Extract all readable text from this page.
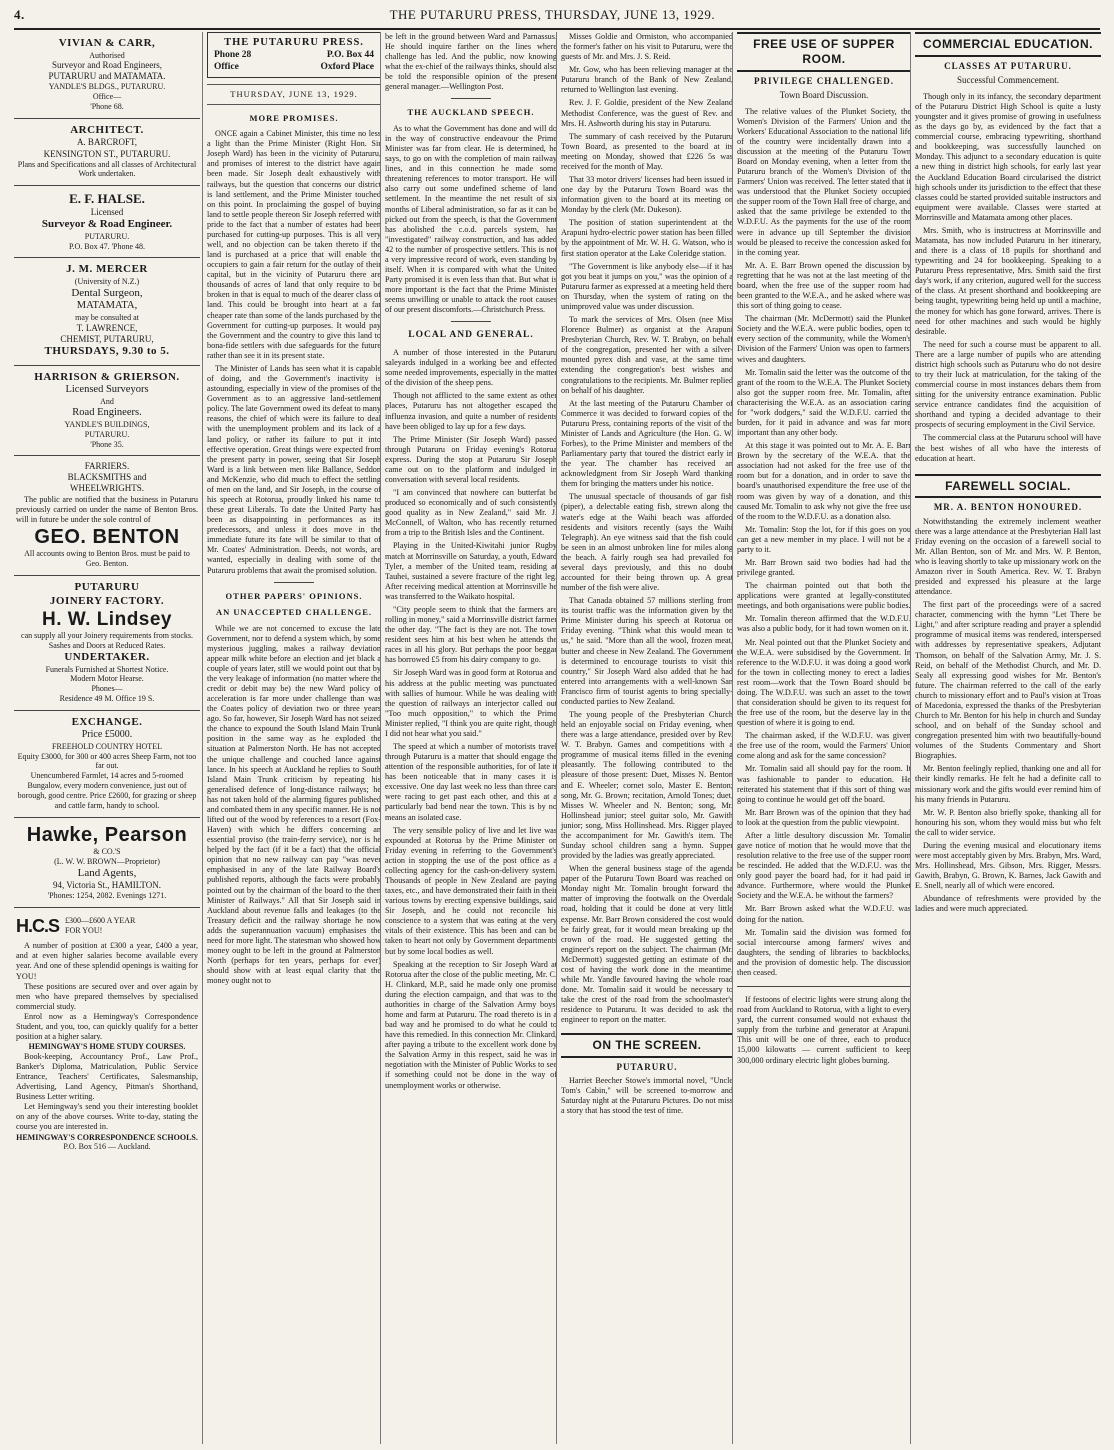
4.	THE PUTARURU PRESS, THURSDAY, JUNE 13, 1929.
VIVIAN & CARR,
Authorised
Surveyor and Road Engineers,
PUTARURU and MATAMATA.
YANDLE'S BLDGS., PUTARURU.
Office—
'Phone 68.
ARCHITECT.
A. BARCROFT,
KENSINGTON ST., PUTARURU.
Plans and Specifications and all classes of Architectural Work undertaken.
E. F. HALSE.
Licensed
Surveyor & Road Engineer.
PUTARURU.
P.O. Box 47. 'Phone 48.
J. M. MERCER
(University of N.Z.)
Dental Surgeon,
MATAMATA,
may be consulted at
T. LAWRENCE,
CHEMIST, PUTARURU,
THURSDAYS, 9.30 to 5.
HARRISON & GRIERSON.
Licensed Surveyors
And
Road Engineers.
YANDLE'S BUILDINGS,
PUTARURU.
'Phone 35.
FARRIERS.
BLACKSMITHS and
WHEELWRIGHTS.
The public are notified that the business in Putaruru previously carried on under the name of Benton Bros. will in future be under the sole control of
GEO. BENTON
All accounts owing to Benton Bros. must be paid to Geo. Benton.
PUTARURU
JOINERY FACTORY.
H. W. Lindsey
can supply all your Joinery requirements from stocks. Sashes and Doors at Reduced Rates.
UNDERTAKER.
Funerals Furnished at Shortest Notice.
Modern Motor Hearse.
Phones—
Residence 49 M. Office 19 S.
EXCHANGE.
Price £5000.
FREEHOLD COUNTRY HOTEL
Equity £3000, for 300 or 400 acres Sheep Farm, not too far out.
Unencumbered Farmlet, 14 acres and 5-roomed Bungalow, every modern convenience, just out of borough, good centre. Price £2600, for grazing or sheep and cattle farm, handy to school.
Hawke, Pearson
& CO.'S
(L. W. W. BROWN—Proprietor)
Land Agents,
94, Victoria St., HAMILTON.
'Phones: 1254, 2082. Evenings 1271.
H.C.S £300—£600 A YEAR
FOR YOU!
A number of position at £300 a year, £400 a year, and at even higher salaries become available every year. And one of these splendid openings is waiting for YOU!
These positions are secured over and over again by men who have prepared themselves by specialised commercial study.
Enrol now as a Hemingway's Correspondence Student, and you, too, can quickly qualify for a better position at a higher salary.
HEMINGWAY'S HOME STUDY COURSES.
Book-keeping, Accountancy Prof., Law Prof., Banker's Diploma, Matriculation, Public Service Entrance, Teachers' Certificates, Salesmanship, Advertising, Land Agency, Pitman's Shorthand, Business Letter writing.
Let Hemingway's send you their interesting booklet on any of the above courses. Write to-day, stating the course you are interested in.
HEMINGWAY'S CORRESPONDENCE SCHOOLS.
P.O. Box 516 — Auckland.
THE PUTARURU PRESS.
Phone 28	P.O. Box 44
Office	Oxford Place
THURSDAY, JUNE 13, 1929.
MORE PROMISES.

ONCE again a Cabinet Minister, this time no less a light than the Prime Minister (Right Hon. Sir Joseph Ward) has been in the vicinity of Putaruru, and promises of interest to the district have again been made. Sir Joseph dealt exhaustively with railways, but the question that concerns our district is land settlement, and the Prime Minister touched on this point. In proclaiming the gospel of buying land to settle people thereon Sir Joseph referred with pride to the fact that a number of estates had been purchased for cutting-up purposes. This is all very well, and no objection can be taken thereto if the land is purchased at a price that will enable the occupiers to gain a fair return for the outlay of their capital, but in the vicinity of Putaruru there are thousands of acres of land that only require to be broken in that is equal to much of the dearer class of land. This could be brought into heart at a far cheaper rate than some of the lands purchased by the Government for cutting-up purposes. It would pay the Government and the country to give this land to bona-fide settlers with due safeguards for the future rather than see it in its present state.

The Minister of Lands has seen what it is capable of doing, and the Government's inactivity is astounding, especially in view of the promises of the Government as to an aggressive land-settlement policy. The late Government owed its defeat to many reasons, the chief of which were its failure to deal with the unemployment problem and its lack of a land policy, or rather its failure to put it into effective operation. Great things were expected from the present party in power, seeing that Sir Joseph Ward is a link between men like Ballance, Seddon and McKenzie, who did much to effect the settling of men on the land, and Sir Joseph, in the course of his speech at Rotorua, proudly linked his name to these great Liberals. To date the United Party has been as disappointing in performances as its predecessors, and unless it does move in the immediate future its fate will be similar to that of Mr. Coates' Administration. Deeds, not words, are wanted, especially in dealing with some of the Putaruru problems that await the promised solution.

OTHER PAPERS' OPINIONS.
AN UNACCEPTED CHALLENGE.

While we are not concerned to excuse the late Government, nor to defend a system which, by some mysterious juggling, makes a railway deviation appear milk white before an election and jet black a couple of years later, still we would point out that by the very leakage of information (no matter where the credit or debit may be) the new Ward policy of acceleration is far more under challenge than was the Coates policy of deviation two or three years ago. So far, however, Sir Joseph Ward has not seized the chance to expound the South Island Main Trunk position in the same way as he exploded the situation at Palmerston North. He has not accepted the unique challenge and couched lance against lance. In his speech at Auckland he replies to South Island Main Trunk criticism by repeating his generalised defence of long-distance railways; he has not taken hold of the alarming figures published and combated them in any specific manner. He is not lifted out of the wood by references to a resort (Fox-Haven) with which he differs concerning an essential proviso (the train-ferry service), nor is he helped by the fact (if it be a fact) that the official opinion that no new railway can pay "was never emphasised in any of the late Railway Board's published reports, although the facts were probably pointed out by the chairman of the board to the then Minister of Railways." All that Sir Joseph said in Auckland about revenue falls and leakages (to the Treasury deficit and the railway shortage he now adds the superannuation vacuum) emphasises the need for more light. The statesman who showed how money ought to be left in the ground at Palmerston North (perhaps for ten years, perhaps for ever) should show with at least equal clarity that the money ought not to

be left in the ground between Ward and Parnassus. He should inquire farther on the lines where challenge has led. And the public, now knowing what the ex-chief of the railways thinks, should also be told the responsible opinion of the present general manager.—Wellington Post.

THE AUCKLAND SPEECH.

As to what the Government has done and will do in the way of constructive endeavour the Prime Minister was far from clear. He is determined, he says, to go on with the completion of main railway lines, and in this connection he made some threatening references to motor transport. He will also carry out some undefined scheme of land settlement. In the meantime the net result of six months of Liberal administration, so far as it can be picked out from the speech, is that the Government has abolished the c.o.d. parcels system, has "investigated" railway construction, and has added 42 to the number of prospective settlers. This is not a very impressive record of work, even standing by itself. When it is compared with what the United Party promised it is even less than that. But what is more important is the fact that the Prime Minister seems unwilling or unable to attack the root causes of our present discomforts.—Christchurch Press.

LOCAL AND GENERAL.

A number of those interested in the Putaruru saleyards indulged in a working bee and effected some needed improvements, especially in the matter of the division of the sheep pens.

Though not afflicted to the same extent as other places, Putaruru has not altogether escaped the influenza invasion, and quite a number of residents have been obliged to lay up for a few days.

The Prime Minister (Sir Joseph Ward) passed through Putaruru on Friday evening's Rotorua express. During the stop at Putaruru Sir Joseph came out on to the platform and indulged in conversation with several local residents.

"I am convinced that nowhere can butterfat be produced so economically and of such consistently good quality as in New Zealand," said Mr. J. McConnell, of Walton, who has recently returned from a trip to the British Isles and the Continent.

Playing in the United-Kiwitahi junior Rugby match at Morrinsville on Saturday, a youth, Edward Tyler, a member of the United team, residing at Tauhei, sustained a severe fracture of the right leg. After receiving medical attention at Morrinsville he was transferred to the Waikato hospital.

"City people seem to think that the farmers are rolling in money," said a Morrinsville district farmer the other day. "The fact is they are not. The town resident sees him at his best when he attends the races in all his glory. But perhaps the poor beggar has borrowed £5 from his dairy company to go.

Sir Joseph Ward was in good form at Rotorua and his address at the public meeting was punctuated with sallies of humour. While he was dealing with the question of railways an interjector called out "Too much opposition," to which the Prime Minister replied, "I think you are quite right, though I did not hear what you said."

The speed at which a number of motorists travel through Putaruru is a matter that should engage the attention of the responsible authorities, for of late it has been noticeable that in many cases it is excessive. One day last week no less than three cars were racing to get past each other, and this at a particularly bad bend near the town. This is by no means an isolated case.

The very sensible policy of live and let live was expounded at Rotorua by the Prime Minister on Friday evening in referring to the Government's action in stopping the use of the post office as a collecting agency for the cash-on-delivery system. Thousands of people in New Zealand are paying taxes, etc., and have demonstrated their faith in their various towns by erecting expensive buildings, said Sir Joseph, and he could not reconcile his conscience to a system that was eating at the very vitals of their existence. This has been and can be taken to heart not only by Government departments but by some local bodies as well.

Speaking at the reception to Sir Joseph Ward at Rotorua after the close of the public meeting, Mr. C. H. Clinkard, M.P., said he made only one promise during the election campaign, and that was to the authorities in charge of the Salvation Army boys' home and farm at Putaruru. The road thereto is in a bad way and he promised to do what he could to have this remedied. In this connection Mr. Clinkard, after paying a tribute to the excellent work done by the Salvation Army in this respect, said he was in negotiation with the Minister of Public Works to see if something could not be done in the way of unemployment works or otherwise.

Misses Goldie and Ormiston, who accompanied the former's father on his visit to Putaruru, were the guests of Mr. and Mrs. J. S. Reid.

Mr. Gow, who has been relieving manager at the Putaruru branch of the Bank of New Zealand, returned to Wellington last evening.

Rev. J. F. Goldie, president of the New Zealand Methodist Conference, was the guest of Rev. and Mrs. H. Ashworth during his stay in Putaruru.

The summary of cash received by the Putaruru Town Board, as presented to the board at its meeting on Monday, showed that £226 5s was received for the month of May.

That 33 motor drivers' licenses had been issued in one day by the Putaruru Town Board was the information given to the board at its meeting on Monday by the clerk (Mr. Dukeson).

The position of station superintendent at the Arapuni hydro-electric power station has been filled by the appointment of Mr. W. H. G. Watson, who is first station operator at the Lake Coleridge station.

"The Government is like anybody else—if it has got you beat it jumps on you," was the opinion of a Putaruru farmer as expressed at a meeting held there on Thursday, when the system of rating on the unimproved value was under discussion.

To mark the services of Mrs. Olsen (nee Miss Florence Bulmer) as organist at the Arapuni Presbyterian Church, Rev. W. T. Brabyn, on behalf of the congregation, presented her with a silver-mounted pyrex dish and vase, at the same time extending the congregation's best wishes and congratulations to the recipients. Mr. Bulmer replied on behalf of his daughter.

At the last meeting of the Putaruru Chamber of Commerce it was decided to forward copies of the Putaruru Press, containing reports of the visit of the Minister of Lands and Agriculture (the Hon. G. W. Forbes), to the Prime Minister and members of the Parliamentary party that toured the district early in the year. The chamber has received an acknowledgment from Sir Joseph Ward thanking them for bringing the matters under his notice.

The unusual spectacle of thousands of gar fish (piper), a delectable eating fish, strewn along the water's edge at the Waihi beach was afforded residents and visitors recently (says the Waihi Telegraph). An eye witness said that the fish could be seen in an almost unbroken line for miles along the beach. A fairly rough sea had prevailed for several days previously, and this no doubt accounted for their being thrown up. A great number of the fish were alive.

That Canada obtained 57 millions sterling from its tourist traffic was the information given by the Prime Minister during his speech at Rotorua on Friday evening. "Think what this would mean to us," he said. "More than all the wool, frozen meat, butter and cheese in New Zealand. The Government is determined to encourage tourists to visit this country," Sir Joseph Ward also added that he had entered into arrangements with a well-known San Francisco firm of tourist agents to bring specially-conducted parties to New Zealand.

The young people of the Presbyterian Church held an enjoyable social on Friday evening, when there was a large attendance, presided over by Rev. W. T. Brabyn. Games and competitions with a programme of musical items filled in the evening pleasantly. The following contributed to the pleasure of those present: Duet, Misses N. Benton and E. Wheeler; cornet solo, Master E. Benton; song, Mr. G. Brown; recitation, Arnold Tones; duet, Misses W. Wheeler and N. Benton; song, Mr. Hollinshead junior; steel guitar solo, Mr. Gawith junior; song, Miss Hollinshead. Mrs. Rigger played the accompaniment for Mr. Gawith's item. The Sunday school children sang a hymn. Supper provided by the ladies was greatly appreciated.

When the general business stage of the agenda paper of the Putaruru Town Board was reached on Monday night Mr. Tomalin brought forward the matter of improving the footwalk on the Overdale road, holding that it could be done at very little expense. Mr. Barr Brown considered the cost would be fairly great, for it would mean breaking up the crown of the road. He suggested getting the engineer's report on the subject. The chairman (Mr. McDermott) suggested getting an estimate of the cost of having the work done in the meantime, while Mr. Yandle favoured having the whole road done. Mr. Tomalin said it would be necessary to take the crest of the road from the schoolmaster's residence to Putaruru. It was decided to ask the engineer to report on the matter.

ON THE SCREEN.
PUTARURU.

Harriet Beecher Stowe's immortal novel, "Uncle Tom's Cabin," will be screened to-morrow and Saturday night at the Putaruru Pictures. Do not miss a story that has stood the test of time.

FREE USE OF SUPPER ROOM.
PRIVILEGE CHALLENGED.
Town Board Discussion.

The relative values of the Plunket Society, the Women's Division of the Farmers' Union and the Workers' Educational Association to the national life of the country were incidentally drawn into a discussion at the meeting of the Putaruru Town Board on Monday evening, when a letter from the Putaruru branch of the Women's Division of the Farmers' Union was received. The letter stated that it was understood that the Plunket Society occupied the supper room of the Town Hall free of charge, and asked that the same privilege be extended to the W.D.F.U. As the payments for the use of the room were in advance up till September the division would be pleased to receive the concession asked for in the coming year.

Mr. A. E. Barr Brown opened the discussion by regretting that he was not at the last meeting of the board, when the free use of the supper room had been granted to the W.E.A., and he asked where was this sort of thing going to cease.

The chairman (Mr. McDermott) said the Plunket Society and the W.E.A. were public bodies, open to every section of the community, while the Women's Division of the Farmers' Union was open to farmers' wives and daughters.

Mr. Tomalin said the letter was the outcome of the grant of the room to the W.E.A. The Plunket Society also got the supper room free. Mr. Tomalin, after characterising the W.E.A. as an association caring for "work dodgers," said the W.D.F.U. carried the burden, for it paid in advance and was far more important than any other body.

At this stage it was pointed out to Mr. A. E. Barr Brown by the secretary of the W.E.A. that the association had not asked for the free use of the room but for a donation, and in order to save the board's unauthorised expenditure the free use of the room was given by way of a donation, and this caused Mr. Tomalin to ask why not give the free use of the room to the W.D.F.U. as a donation also.

Mr. Tomalin: Stop the lot, for if this goes on you can get a new member in my place. I will not be a party to it.

Mr. Barr Brown said two bodies had had the privilege granted.

The chairman pointed out that both the applications were granted at legally-constituted meetings, and both organisations were public bodies.

Mr. Tomalin thereon affirmed that the W.D.F.U. was also a public body, for it had town women on it.

Mr. Neal pointed out that the Plunket Society and the W.E.A. were subsidised by the Government. In reference to the W.D.F.U. it was doing a good work for the town in collecting money to erect a ladies' rest room—work that the Town Board should be doing. The W.D.F.U. was such an asset to the town that consideration should be given to its request for the free use of the room, but the deserve lay in the question of where it is going to end.

The chairman asked, if the W.D.F.U. was given the free use of the room, would the Farmers' Union come along and ask for the same concession?

Mr. Tomalin said all should pay for the room. It was fashionable to pander to education. He reiterated his statement that if this sort of thing was going to continue he would get off the board.

Mr. Barr Brown was of the opinion that they had to look at the question from the public viewpoint.

After a little desultory discussion Mr. Tomalin gave notice of motion that he would move that the resolution relative to the free use of the supper room be rescinded. He added that the W.D.F.U. was the only good payer the board had, for it had paid in advance. Furthermore, where would the Plunket Society and the W.E.A. be without the farmers?

Mr. Barr Brown asked what the W.D.F.U. was doing for the nation.

Mr. Tomalin said the division was formed for social intercourse among farmers' wives and daughters, the sending of libraries to backblocks, and the provision of domestic help. The discussion then ceased.

If festoons of electric lights were strung along the road from Auckland to Rotorua, with a light to every yard, the current consumed would not exhaust the supply from the turbine and generator at Arapuni. This unit will be one of three, each to produce 15,000 kilowatts — current sufficient to keep 300,000 ordinary electric light globes burning.

COMMERCIAL EDUCATION.
CLASSES AT PUTARURU.
Successful Commencement.

Though only in its infancy, the secondary department of the Putaruru District High School is quite a lusty youngster and it gives promise of growing in usefulness as the days go by, as evidenced by the fact that a commercial course, embracing typewriting, shorthand and bookkeeping, was successfully launched on Monday. This adjunct to a secondary education is quite a new thing in district high schools, for early last year the Auckland Education Board circularised the district high schools under its jurisdiction to the effect that these classes could be started provided suitable instructors and equipment were available. Classes were started at Morrinsville and Matamata among other places.

Mrs. Smith, who is instructress at Morrinsville and Matamata, has now included Putaruru in her itinerary, and there is a class of 18 pupils for shorthand and typewriting and 24 for bookkeeping. Speaking to a Putaruru Press representative, Mrs. Smith said the first day's work, if any criterion, augured well for the success of the class. At present shorthand and bookkeeping are being taught, typewriting being held up until a machine, the money for which has gone forward, arrives. There is need for other machines and such would be highly desirable.

The need for such a course must be apparent to all. There are a large number of pupils who are attending district high schools such as Putaruru who do not desire to try their luck at matriculation, for the taking of the commercial course in most instances debars them from sitting for the university entrance examination. Public service entrance candidates find the acquisition of shorthand and typing a decided advantage to their prospects of securing employment in the Civil Service.

The commercial class at the Putaruru school will have the best wishes of all who have the interests of education at heart.

FAREWELL SOCIAL.
MR. A. BENTON HONOURED.

Notwithstanding the extremely inclement weather there was a large attendance at the Presbyterian Hall last Friday evening on the occasion of a farewell social to Mr. Allan Benton, son of Mr. and Mrs. W. P. Benton, who is leaving shortly to take up missionary work on the Amazon river in South America. Rev. W. T. Brabyn presided and expressed his pleasure at the large attendance.

The first part of the proceedings were of a sacred character, commencing with the hymn "Let There be Light," and after scripture reading and prayer a splendid programme of musical items was rendered, interspersed with addresses by representative speakers, Adjutant Thomson, on behalf of the Salvation Army, Mr. J. S. Reid, on behalf of the Methodist Church, and Mr. D. Sealy all expressing good wishes for Mr. Benton's future. The chairman referred to the call of the early church to missionary effort and to Paul's vision at Troas of Macedonia, expressed the thanks of the Presbyterian Church to Mr. Benton for his help in church and Sunday school, and on behalf of the Sunday school and congregation presented him with two beautifully-bound volumes of the Students Commentary and Short Biographies.

Mr. Benton feelingly replied, thanking one and all for their kindly remarks. He felt he had a definite call to missionary work and the gifts would ever remind him of his many friends in Putaruru.

Mr. W. P. Benton also briefly spoke, thanking all for honouring his son, whom they would miss but who felt the call to wider service.

During the evening musical and elocutionary items were most acceptably given by Mrs. Brabyn, Mrs. Ward, Mrs. Hollinshead, Mrs. Gibson, Mrs. Rigger, Messrs. Gawith, Brabyn, G. Brown, K. Barnes, Jack Gawith and E. Snell, nearly all of which were encored.

Abundance of refreshments were provided by the ladies and were much appreciated.
